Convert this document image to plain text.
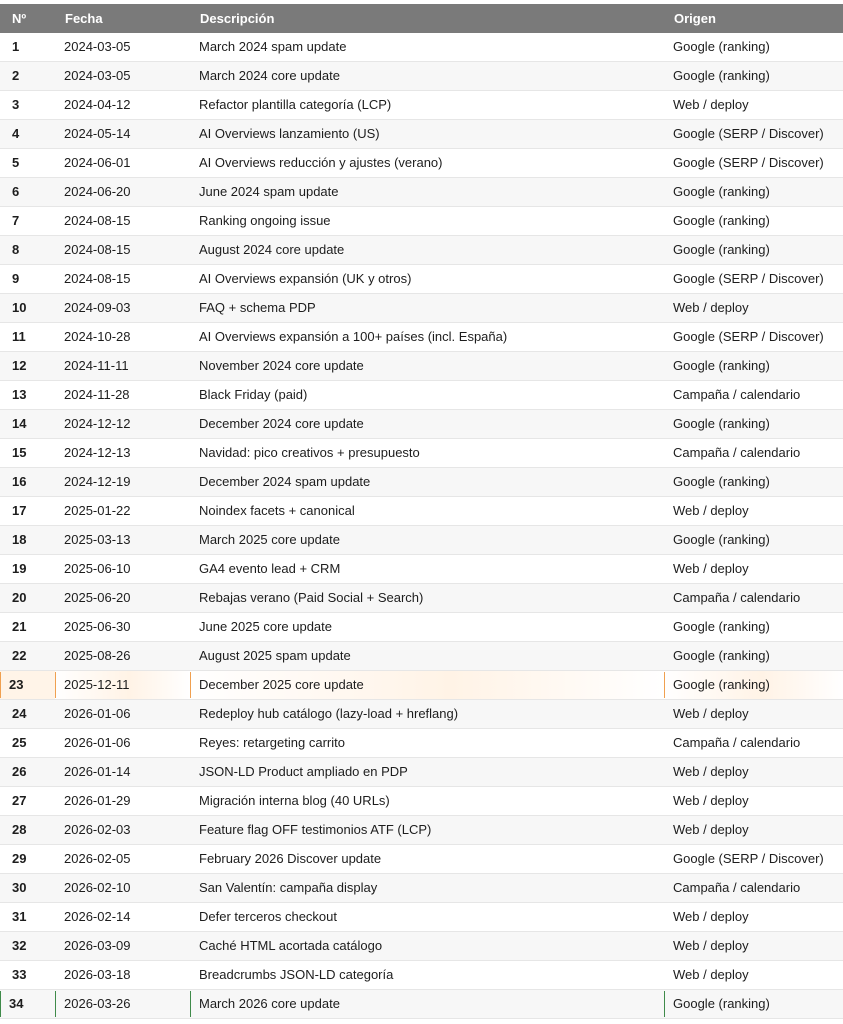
Nº	Fecha	Descripción	Origen

1	2024-03-05	March 2024 spam update	Google (ranking)

2	2024-03-05	March 2024 core update	Google (ranking)

3	2024-04-12	Refactor plantilla categoría (LCP)	Web / deploy

4	2024-05-14	AI Overviews lanzamiento (US)	Google (SERP / Discover)

5	2024-06-01	AI Overviews reducción y ajustes (verano)	Google (SERP / Discover)

6	2024-06-20	June 2024 spam update	Google (ranking)

7	2024-08-15	Ranking ongoing issue	Google (ranking)

8	2024-08-15	August 2024 core update	Google (ranking)

9	2024-08-15	AI Overviews expansión (UK y otros)	Google (SERP / Discover)

10	2024-09-03	FAQ + schema PDP	Web / deploy

11	2024-10-28	AI Overviews expansión a 100+ países (incl. España)	Google (SERP / Discover)

12	2024-11-11	November 2024 core update	Google (ranking)

13	2024-11-28	Black Friday (paid)	Campaña / calendario

14	2024-12-12	December 2024 core update	Google (ranking)

15	2024-12-13	Navidad: pico creativos + presupuesto	Campaña / calendario

16	2024-12-19	December 2024 spam update	Google (ranking)

17	2025-01-22	Noindex facets + canonical	Web / deploy

18	2025-03-13	March 2025 core update	Google (ranking)

19	2025-06-10	GA4 evento lead + CRM	Web / deploy

20	2025-06-20	Rebajas verano (Paid Social + Search)	Campaña / calendario

21	2025-06-30	June 2025 core update	Google (ranking)

22	2025-08-26	August 2025 spam update	Google (ranking)

23	2025-12-11	December 2025 core update	Google (ranking)

24	2026-01-06	Redeploy hub catálogo (lazy-load + hreflang)	Web / deploy

25	2026-01-06	Reyes: retargeting carrito	Campaña / calendario

26	2026-01-14	JSON-LD Product ampliado en PDP	Web / deploy

27	2026-01-29	Migración interna blog (40 URLs)	Web / deploy

28	2026-02-03	Feature flag OFF testimonios ATF (LCP)	Web / deploy

29	2026-02-05	February 2026 Discover update	Google (SERP / Discover)

30	2026-02-10	San Valentín: campaña display	Campaña / calendario

31	2026-02-14	Defer terceros checkout	Web / deploy

32	2026-03-09	Caché HTML acortada catálogo	Web / deploy

33	2026-03-18	Breadcrumbs JSON-LD categoría	Web / deploy

34	2026-03-26	March 2026 core update	Google (ranking)
